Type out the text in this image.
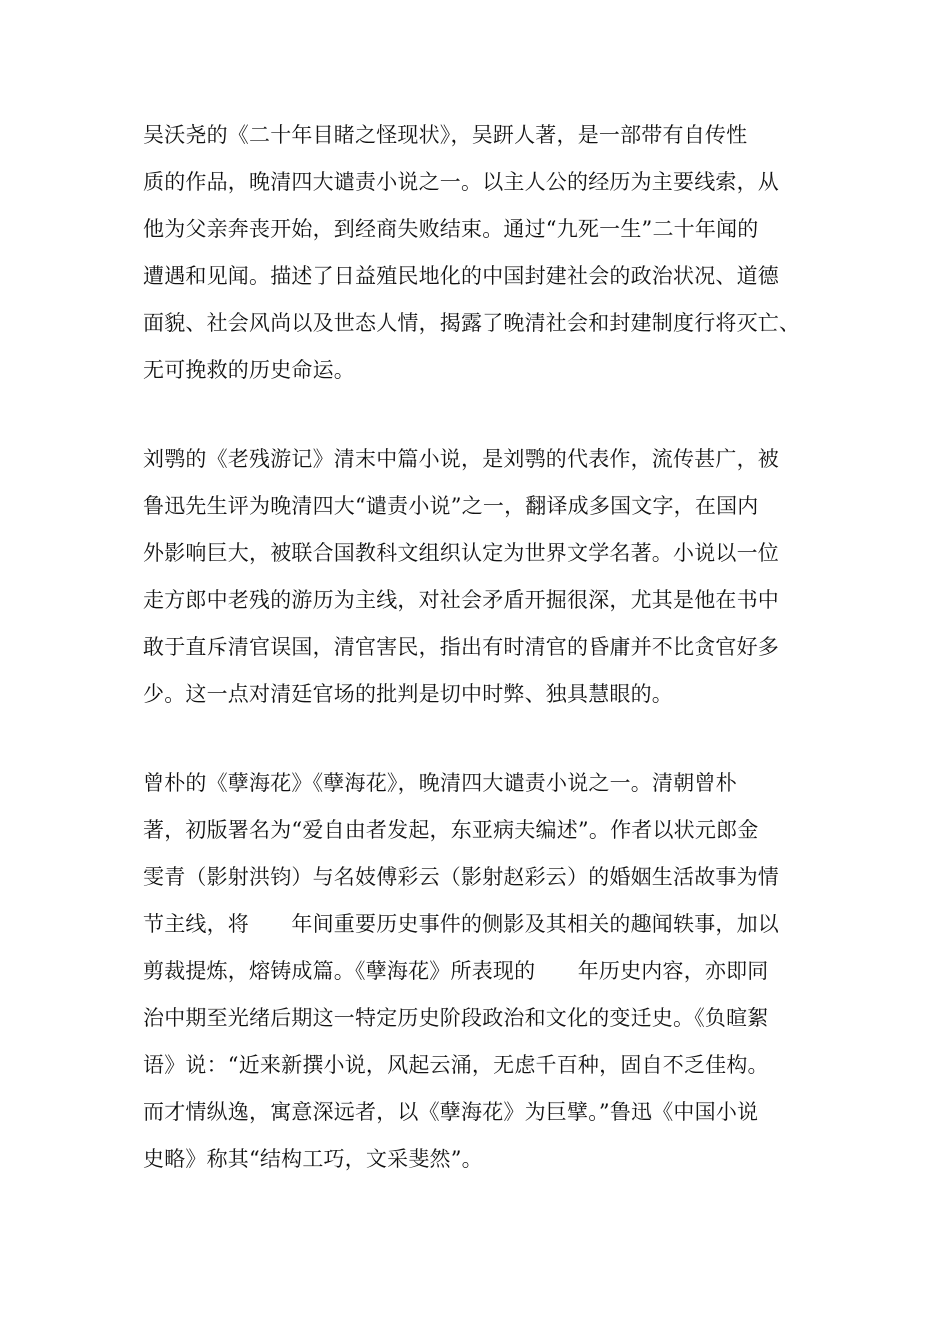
吴沃尧的《二十年目睹之怪现状》，吴趼人著，是一部带有自传性
质的作品，晚清四大谴责小说之一。以主人公的经历为主要线索，从
他为父亲奔丧开始，到经商失败结束。通过“九死一生”二十年闻的
遭遇和见闻。描述了日益殖民地化的中国封建社会的政治状况、道德
面貌、社会风尚以及世态人情，揭露了晚清社会和封建制度行将灭亡、
无可挽救的历史命运。
刘鹗的《老残游记》清末中篇小说，是刘鹗的代表作，流传甚广，被
鲁迅先生评为晚清四大“谴责小说”之一，翻译成多国文字，在国内
外影响巨大，被联合国教科文组织认定为世界文学名著。小说以一位
走方郎中老残的游历为主线，对社会矛盾开掘很深，尤其是他在书中
敢于直斥清官误国，清官害民，指出有时清官的昏庸并不比贪官好多
少。这一点对清廷官场的批判是切中时弊、独具慧眼的。
曾朴的《孽海花》《孽海花》，晚清四大谴责小说之一。清朝曾朴
著，初版署名为“爱自由者发起，东亚病夫编述”。作者以状元郎金
雯青（影射洪钧）与名妓傅彩云（影射赵彩云）的婚姻生活故事为情
节主线，将　　年间重要历史事件的侧影及其相关的趣闻轶事，加以
剪裁提炼，熔铸成篇。《孽海花》所表现的　　年历史内容，亦即同
治中期至光绪后期这一特定历史阶段政治和文化的变迁史。《负暄絮
语》说：“近来新撰小说，风起云涌，无虑千百种，固自不乏佳构。
而才情纵逸，寓意深远者，以《孽海花》为巨擘。”鲁迅《中国小说
史略》称其“结构工巧，文采斐然”。
